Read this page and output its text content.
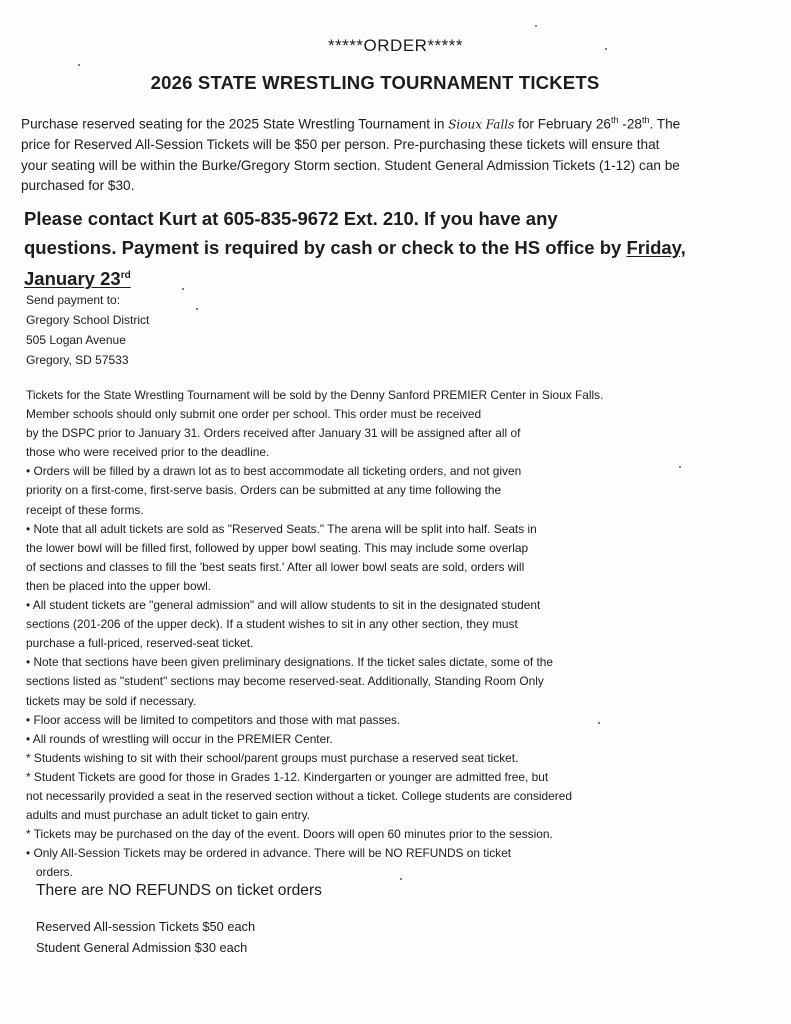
*****ORDER*****
2026 STATE WRESTLING TOURNAMENT TICKETS
Purchase reserved seating for the 2025 State Wrestling Tournament in Sioux Falls for February 26th -28th. The
price for Reserved All-Session Tickets will be $50 per person. Pre-purchasing these tickets will ensure that
your seating will be within the Burke/Gregory Storm section. Student General Admission Tickets (1-12) can be
purchased for $30.
Please contact Kurt at 605-835-9672 Ext. 210. If you have any
questions. Payment is required by cash or check to the HS office by Friday,
January 23rd
Send payment to:
Gregory School District
505 Logan Avenue
Gregory, SD 57533
Tickets for the State Wrestling Tournament will be sold by the Denny Sanford PREMIER Center in Sioux Falls.
Member schools should only submit one order per school. This order must be received
by the DSPC prior to January 31. Orders received after January 31 will be assigned after all of
those who were received prior to the deadline.
• Orders will be filled by a drawn lot as to best accommodate all ticketing orders, and not given
priority on a first-come, first-serve basis. Orders can be submitted at any time following the
receipt of these forms.
• Note that all adult tickets are sold as "Reserved Seats." The arena will be split into half. Seats in
the lower bowl will be filled first, followed by upper bowl seating. This may include some overlap
of sections and classes to fill the 'best seats first.' After all lower bowl seats are sold, orders will
then be placed into the upper bowl.
• All student tickets are "general admission" and will allow students to sit in the designated student
sections (201-206 of the upper deck). If a student wishes to sit in any other section, they must
purchase a full-priced, reserved-seat ticket.
• Note that sections have been given preliminary designations. If the ticket sales dictate, some of the
sections listed as "student" sections may become reserved-seat. Additionally, Standing Room Only
tickets may be sold if necessary.
• Floor access will be limited to competitors and those with mat passes.
• All rounds of wrestling will occur in the PREMIER Center.
* Students wishing to sit with their school/parent groups must purchase a reserved seat ticket.
* Student Tickets are good for those in Grades 1-12. Kindergarten or younger are admitted free, but
not necessarily provided a seat in the reserved section without a ticket. College students are considered
adults and must purchase an adult ticket to gain entry.
* Tickets may be purchased on the day of the event. Doors will open 60 minutes prior to the session.
• Only All-Session Tickets may be ordered in advance. There will be NO REFUNDS on ticket
orders.
There are NO REFUNDS on ticket orders
Reserved All-session Tickets $50 each
Student General Admission $30 each
